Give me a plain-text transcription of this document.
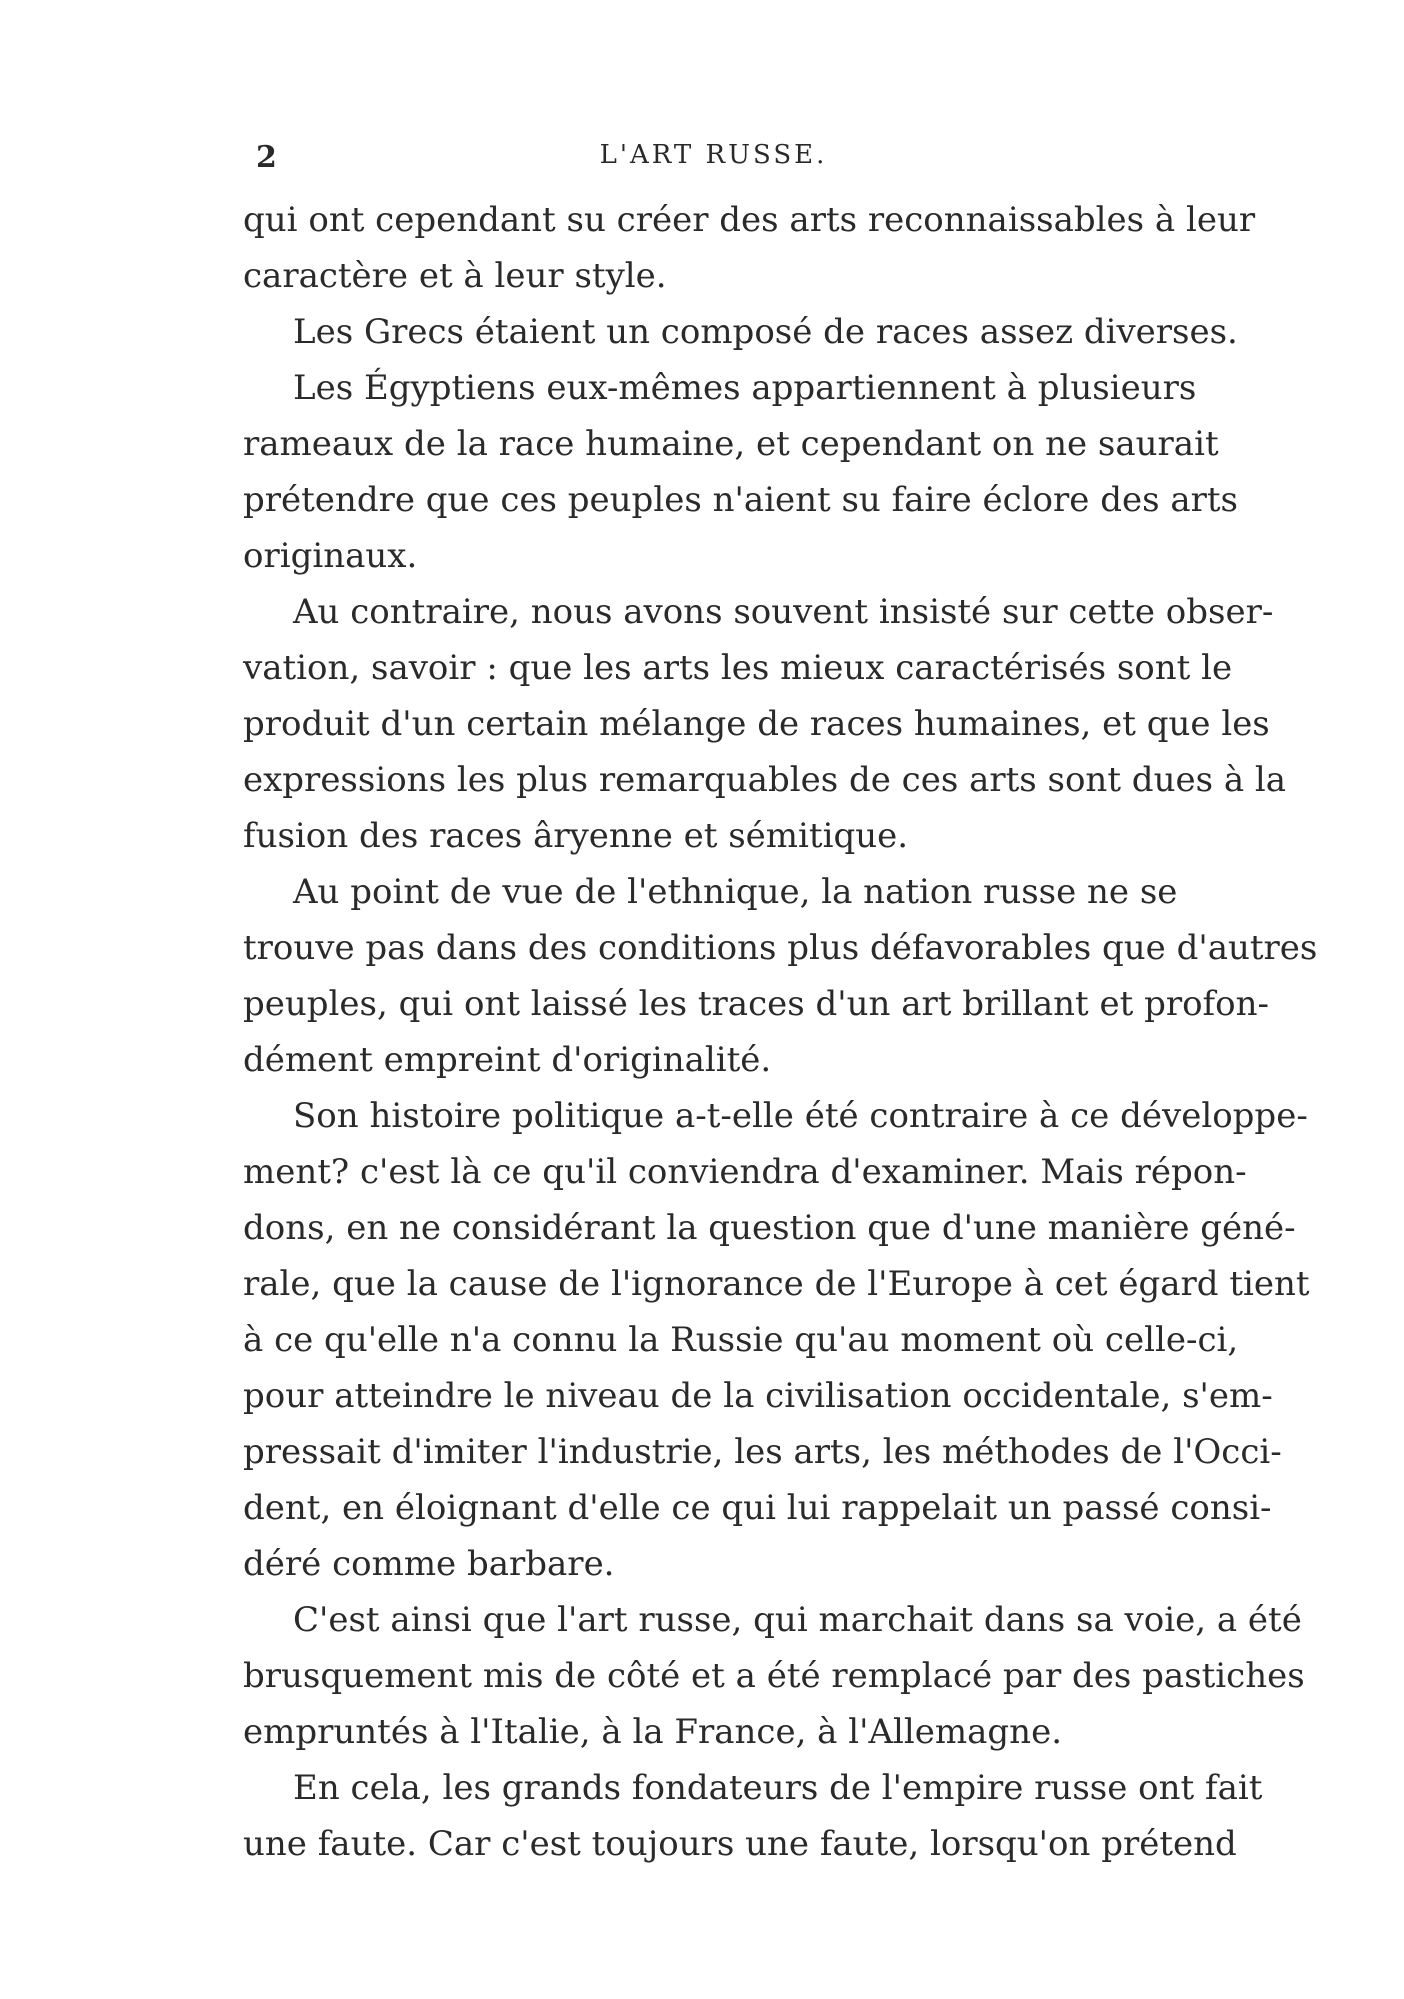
2	L'ART RUSSE.
qui ont cependant su créer des arts reconnaissables à leur
caractère et à leur style.
Les Grecs étaient un composé de races assez diverses.
Les Égyptiens eux-mêmes appartiennent à plusieurs
rameaux de la race humaine, et cependant on ne saurait
prétendre que ces peuples n'aient su faire éclore des arts
originaux.
Au contraire, nous avons souvent insisté sur cette obser-
vation, savoir : que les arts les mieux caractérisés sont le
produit d'un certain mélange de races humaines, et que les
expressions les plus remarquables de ces arts sont dues à la
fusion des races âryenne et sémitique.
Au point de vue de l'ethnique, la nation russe ne se
trouve pas dans des conditions plus défavorables que d'autres
peuples, qui ont laissé les traces d'un art brillant et profon-
dément empreint d'originalité.
Son histoire politique a-t-elle été contraire à ce développe-
ment? c'est là ce qu'il conviendra d'examiner. Mais répon-
dons, en ne considérant la question que d'une manière géné-
rale, que la cause de l'ignorance de l'Europe à cet égard tient
à ce qu'elle n'a connu la Russie qu'au moment où celle-ci,
pour atteindre le niveau de la civilisation occidentale, s'em-
pressait d'imiter l'industrie, les arts, les méthodes de l'Occi-
dent, en éloignant d'elle ce qui lui rappelait un passé consi-
déré comme barbare.
C'est ainsi que l'art russe, qui marchait dans sa voie, a été
brusquement mis de côté et a été remplacé par des pastiches
empruntés à l'Italie, à la France, à l'Allemagne.
En cela, les grands fondateurs de l'empire russe ont fait
une faute. Car c'est toujours une faute, lorsqu'on prétend
